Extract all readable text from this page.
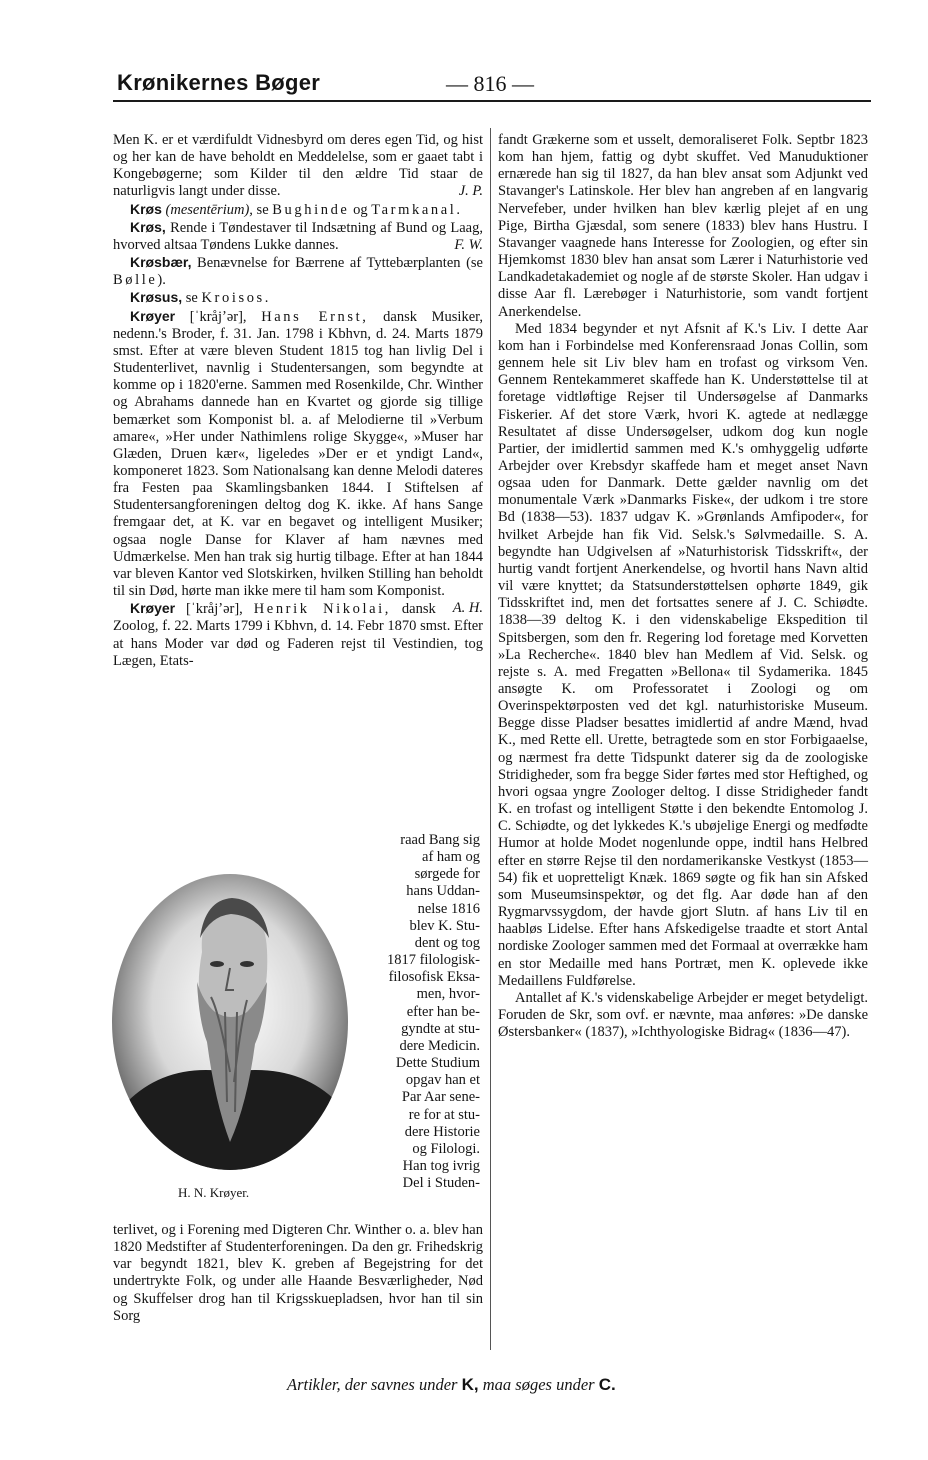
Krønikernes Bøger	— 816 —

Men K. er et værdifuldt Vidnesbyrd om deres egen Tid, og hist og her kan de have beholdt en Meddelelse, som er gaaet tabt i Kongebøgerne; som Kilder til den ældre Tid staar de naturligvis langt under disse.	J. P.

Krøs (mesentērium), se Bughinde og Tarmkanal.

Krøs, Rende i Tøndestaver til Indsætning af Bund og Laag, hvorved altsaa Tøndens Lukke dannes.	F. W.

Krøsbær, Benævnelse for Bærrene af Tyttebærplanten (se Bølle).

Krøsus, se Kroisos.

Krøyer [ˈkråjʼər], Hans Ernst, dansk Musiker, nedenn.'s Broder, f. 31. Jan. 1798 i Kbhvn, d. 24. Marts 1879 smst. Efter at være bleven Student 1815 tog han livlig Del i Studenterlivet, navnlig i Studentersangen, som begyndte at komme op i 1820'erne. Sammen med Rosenkilde, Chr. Winther og Abrahams dannede han en Kvartet og gjorde sig tillige bemærket som Komponist bl. a. af Melodierne til »Verbum amare«, »Her under Nathimlens rolige Skygge«, »Muser har Glæden, Druen kær«, ligeledes »Der er et yndigt Land«, komponeret 1823. Som Nationalsang kan denne Melodi dateres fra Festen paa Skamlingsbanken 1844. I Stiftelsen af Studentersangforeningen deltog dog K. ikke. Af hans Sange fremgaar det, at K. var en begavet og intelligent Musiker; ogsaa nogle Danse for Klaver af ham nævnes med Udmærkelse. Men han trak sig hurtig tilbage. Efter at han 1844 var bleven Kantor ved Slotskirken, hvilken Stilling han beholdt til sin Død, hørte man ikke mere til ham som Komponist.
A. H.

Krøyer [ˈkråjʼər], Henrik Nikolai, dansk Zoolog, f. 22. Marts 1799 i Kbhvn, d. 14. Febr 1870 smst. Efter at hans Moder var død og Faderen rejst til Vestindien, tog Lægen, Etats-

raad Bang sig
af ham og
sørgede for
hans Uddan-
nelse 1816
blev K. Stu-
dent og tog
1817 filologisk-
filosofisk Eksa-
men, hvor-
efter han be-
gyndte at stu-
dere Medicin.
Dette Studium
opgav han et
Par Aar sene-
re for at stu-
dere Historie
og Filologi.
Han tog ivrig
Del i Studen-
H. N. Krøyer.
terlivet, og i Forening med Digteren Chr. Winther o. a. blev han 1820 Medstifter af Studenterforeningen. Da den gr. Frihedskrig var begyndt 1821, blev K. greben af Begejstring for det undertrykte Folk, og under alle Haande Besværligheder, Nød og Skuffelser drog han til Krigsskuepladsen, hvor han til sin Sorg

fandt Grækerne som et usselt, demoraliseret Folk. Septbr 1823 kom han hjem, fattig og dybt skuffet. Ved Manuduktioner ernærede han sig til 1827, da han blev ansat som Adjunkt ved Stavanger's Latinskole. Her blev han angreben af en langvarig Nervefeber, under hvilken han blev kærlig plejet af en ung Pige, Birtha Gjæsdal, som senere (1833) blev hans Hustru. I Stavanger vaagnede hans Interesse for Zoologien, og efter sin Hjemkomst 1830 blev han ansat som Lærer i Naturhistorie ved Landkadetakademiet og nogle af de største Skoler. Han udgav i disse Aar fl. Lærebøger i Naturhistorie, som vandt fortjent Anerkendelse.

Med 1834 begynder et nyt Afsnit af K.'s Liv. I dette Aar kom han i Forbindelse med Konferensraad Jonas Collin, som gennem hele sit Liv blev ham en trofast og virksom Ven. Gennem Rentekammeret skaffede han K. Understøttelse til at foretage vidtløftige Rejser til Undersøgelse af Danmarks Fiskerier. Af det store Værk, hvori K. agtede at nedlægge Resultatet af disse Undersøgelser, udkom dog kun nogle Partier, der imidlertid sammen med K.'s omhyggelig udførte Arbejder over Krebsdyr skaffede ham et meget anset Navn ogsaa uden for Danmark. Dette gælder navnlig om det monumentale Værk »Danmarks Fiske«, der udkom i tre store Bd (1838—53). 1837 udgav K. »Grønlands Amfipoder«, for hvilket Arbejde han fik Vid. Selsk.'s Sølvmedaille. S. A. begyndte han Udgivelsen af »Naturhistorisk Tidsskrift«, der hurtig vandt fortjent Anerkendelse, og hvortil hans Navn altid vil være knyttet; da Statsunderstøttelsen ophørte 1849, gik Tidsskriftet ind, men det fortsattes senere af J. C. Schiødte. 1838—39 deltog K. i den videnskabelige Ekspedition til Spitsbergen, som den fr. Regering lod foretage med Korvetten »La Recherche«. 1840 blev han Medlem af Vid. Selsk. og rejste s. A. med Fregatten »Bellona« til Sydamerika. 1845 ansøgte K. om Professoratet i Zoologi og om Overinspektørposten ved det kgl. naturhistoriske Museum. Begge disse Pladser besattes imidlertid af andre Mænd, hvad K., med Rette ell. Urette, betragtede som en stor Forbigaaelse, og nærmest fra dette Tidspunkt daterer sig da de zoologiske Stridigheder, som fra begge Sider førtes med stor Heftighed, og hvori ogsaa yngre Zoologer deltog. I disse Stridigheder fandt K. en trofast og intelligent Støtte i den bekendte Entomolog J. C. Schiødte, og det lykkedes K.'s ubøjelige Energi og medfødte Humor at holde Modet nogenlunde oppe, indtil hans Helbred efter en større Rejse til den nordamerikanske Vestkyst (1853—54) fik et uopretteligt Knæk. 1869 søgte og fik han sin Afsked som Museumsinspektør, og det flg. Aar døde han af den Rygmarvssygdom, der havde gjort Slutn. af hans Liv til en haabløs Lidelse. Efter hans Afskedigelse traadte et stort Antal nordiske Zoologer sammen med det Formaal at overrække ham en stor Medaille med hans Portræt, men K. oplevede ikke Medaillens Fuldførelse.

Antallet af K.'s videnskabelige Arbejder er meget betydeligt. Foruden de Skr, som ovf. er nævnte, maa anføres: »De danske Østersbanker« (1837), »Ichthyologiske Bidrag« (1836—47).

Artikler, der savnes under K, maa søges under C.
